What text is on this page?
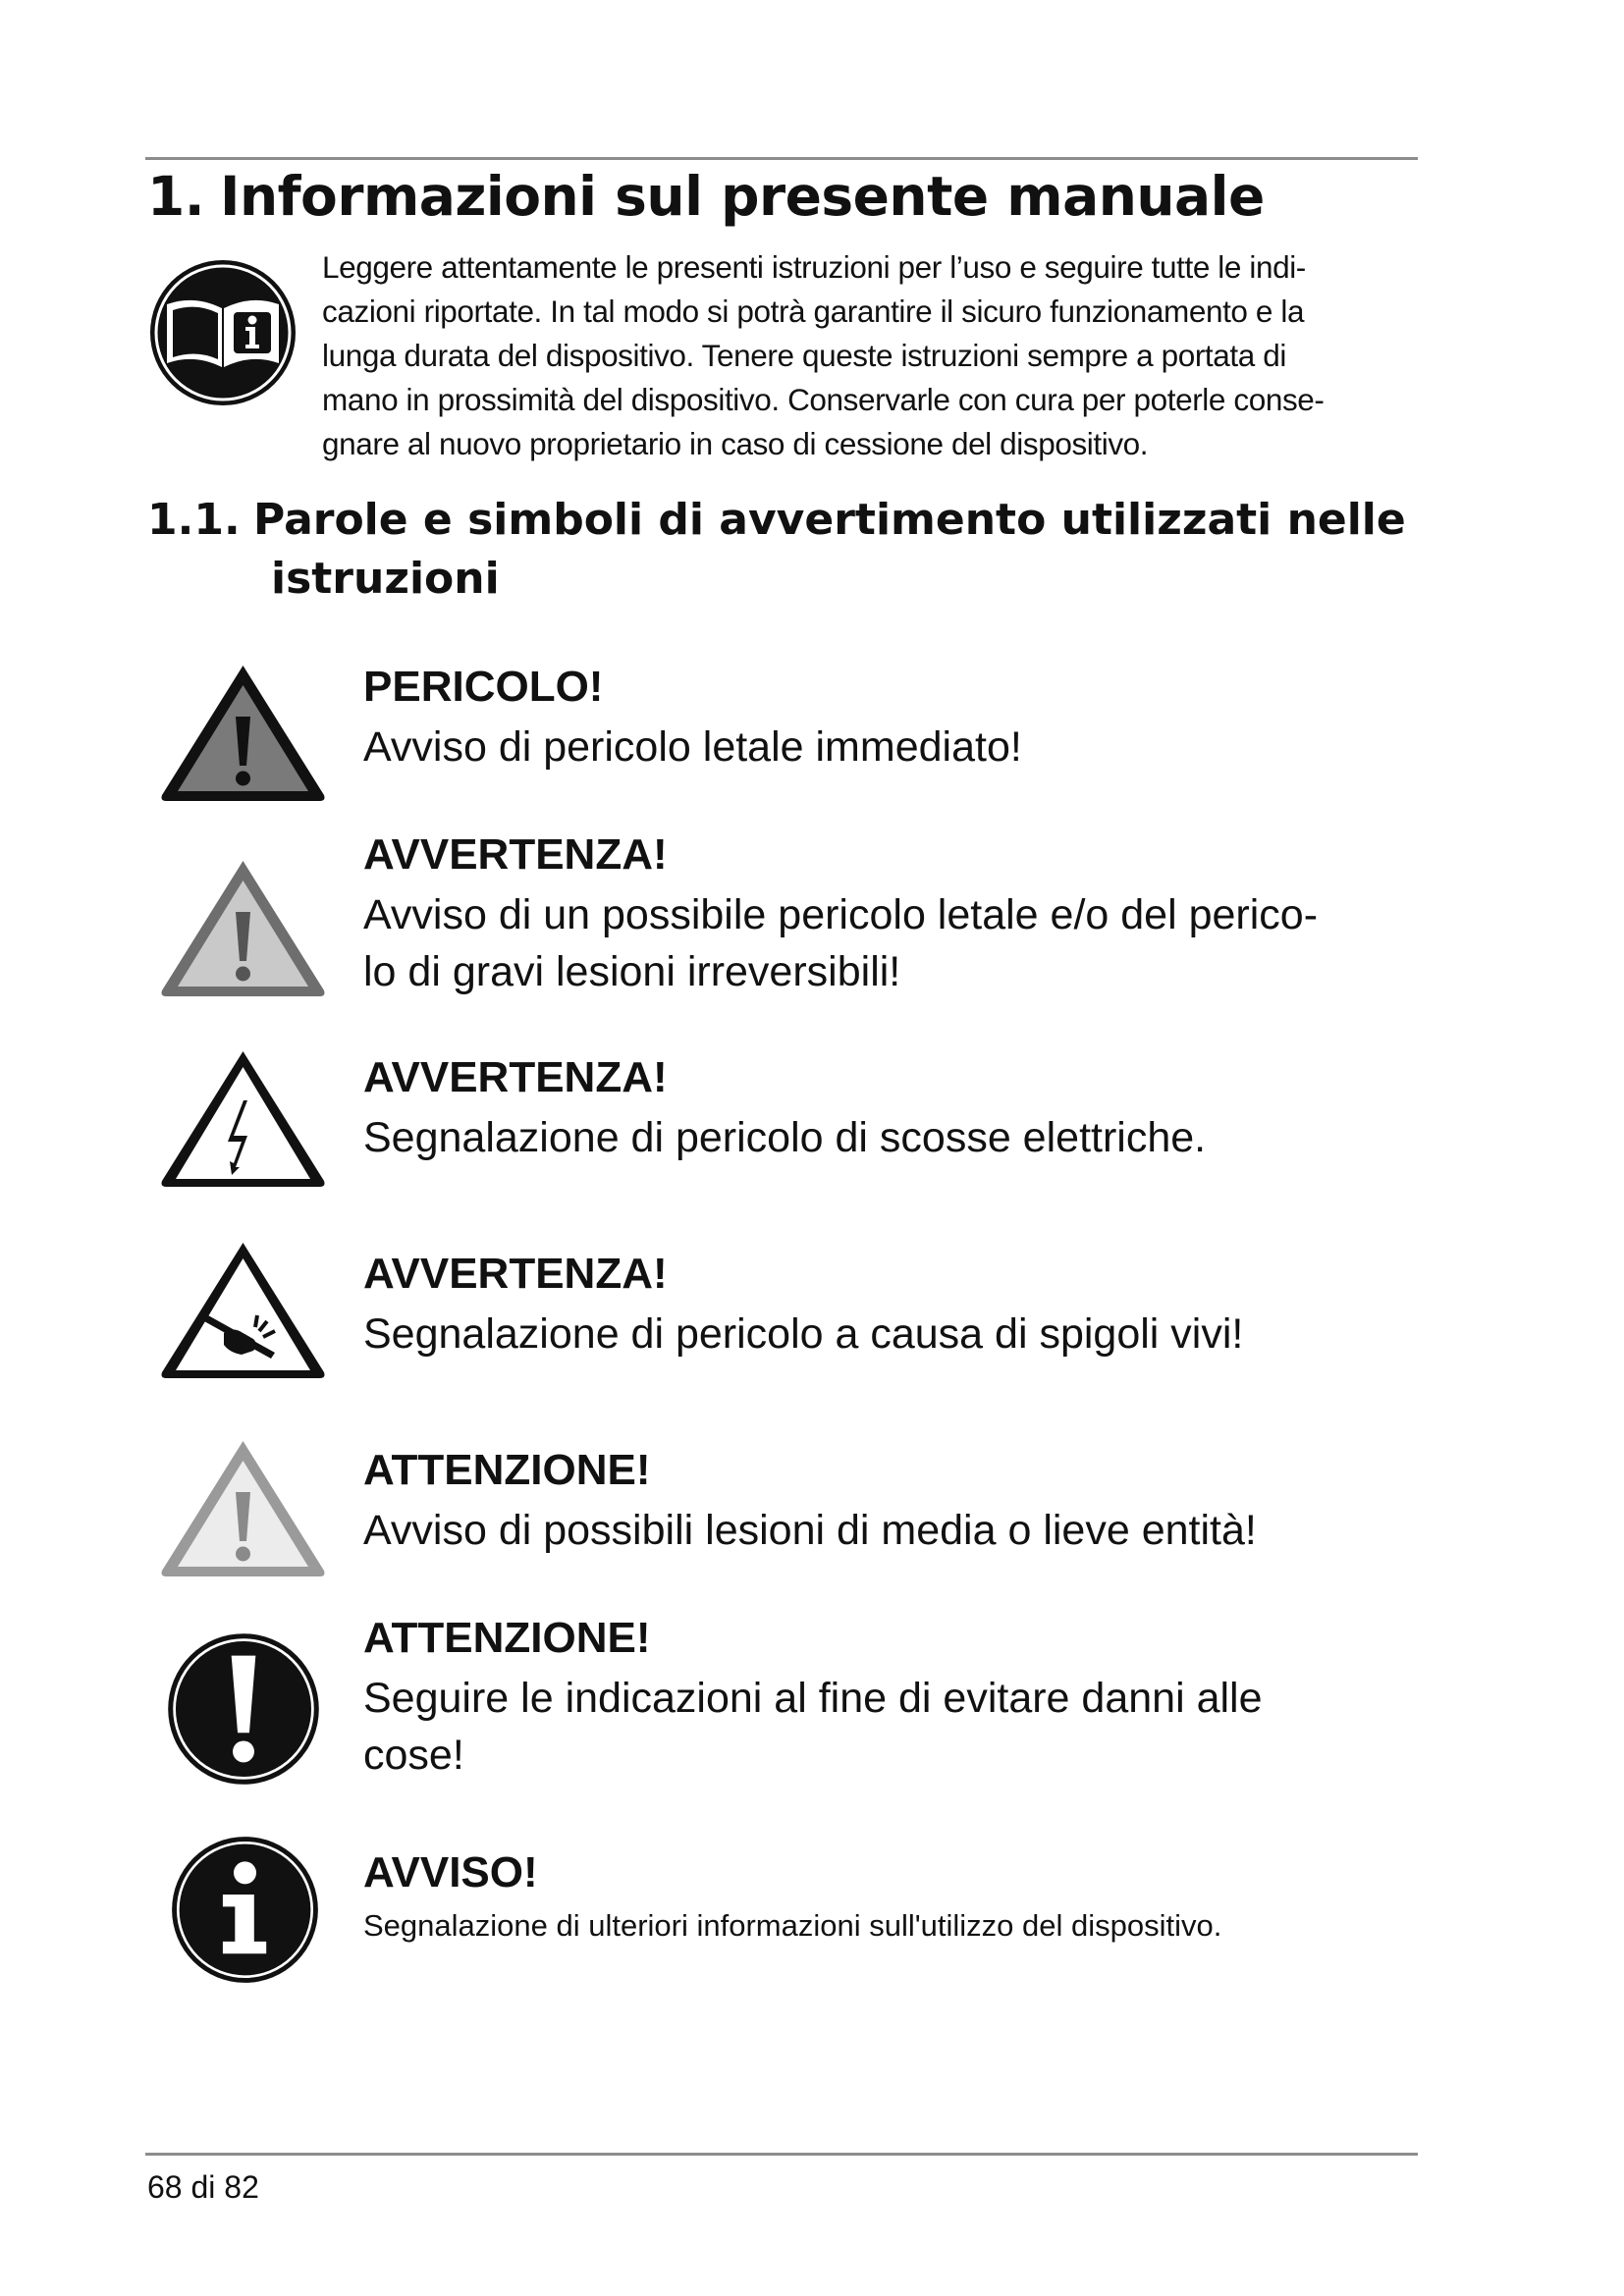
1. Informazioni sul presente manuale

Leggere attentamente le presenti istruzioni per l’uso e seguire tutte le indi-
cazioni riportate. In tal modo si potrà garantire il sicuro funzionamento e la
lunga durata del dispositivo. Tenere queste istruzioni sempre a portata di
mano in prossimità del dispositivo. Conservarle con cura per poterle conse-
gnare al nuovo proprietario in caso di cessione del dispositivo.

1.1. Parole e simboli di avvertimento utilizzati nelle
istruzioni
PERICOLO!
Avviso di pericolo letale immediato!
AVVERTENZA!
Avviso di un possibile pericolo letale e/o del perico-
lo di gravi lesioni irreversibili!
AVVERTENZA!
Segnalazione di pericolo di scosse elettriche.
AVVERTENZA!
Segnalazione di pericolo a causa di spigoli vivi!
ATTENZIONE!
Avviso di possibili lesioni di media o lieve entità!
ATTENZIONE!
Seguire le indicazioni al fine di evitare danni alle
cose!
AVVISO!
Segnalazione di ulteriori informazioni sull'utilizzo del dispositivo.

68 di 82
